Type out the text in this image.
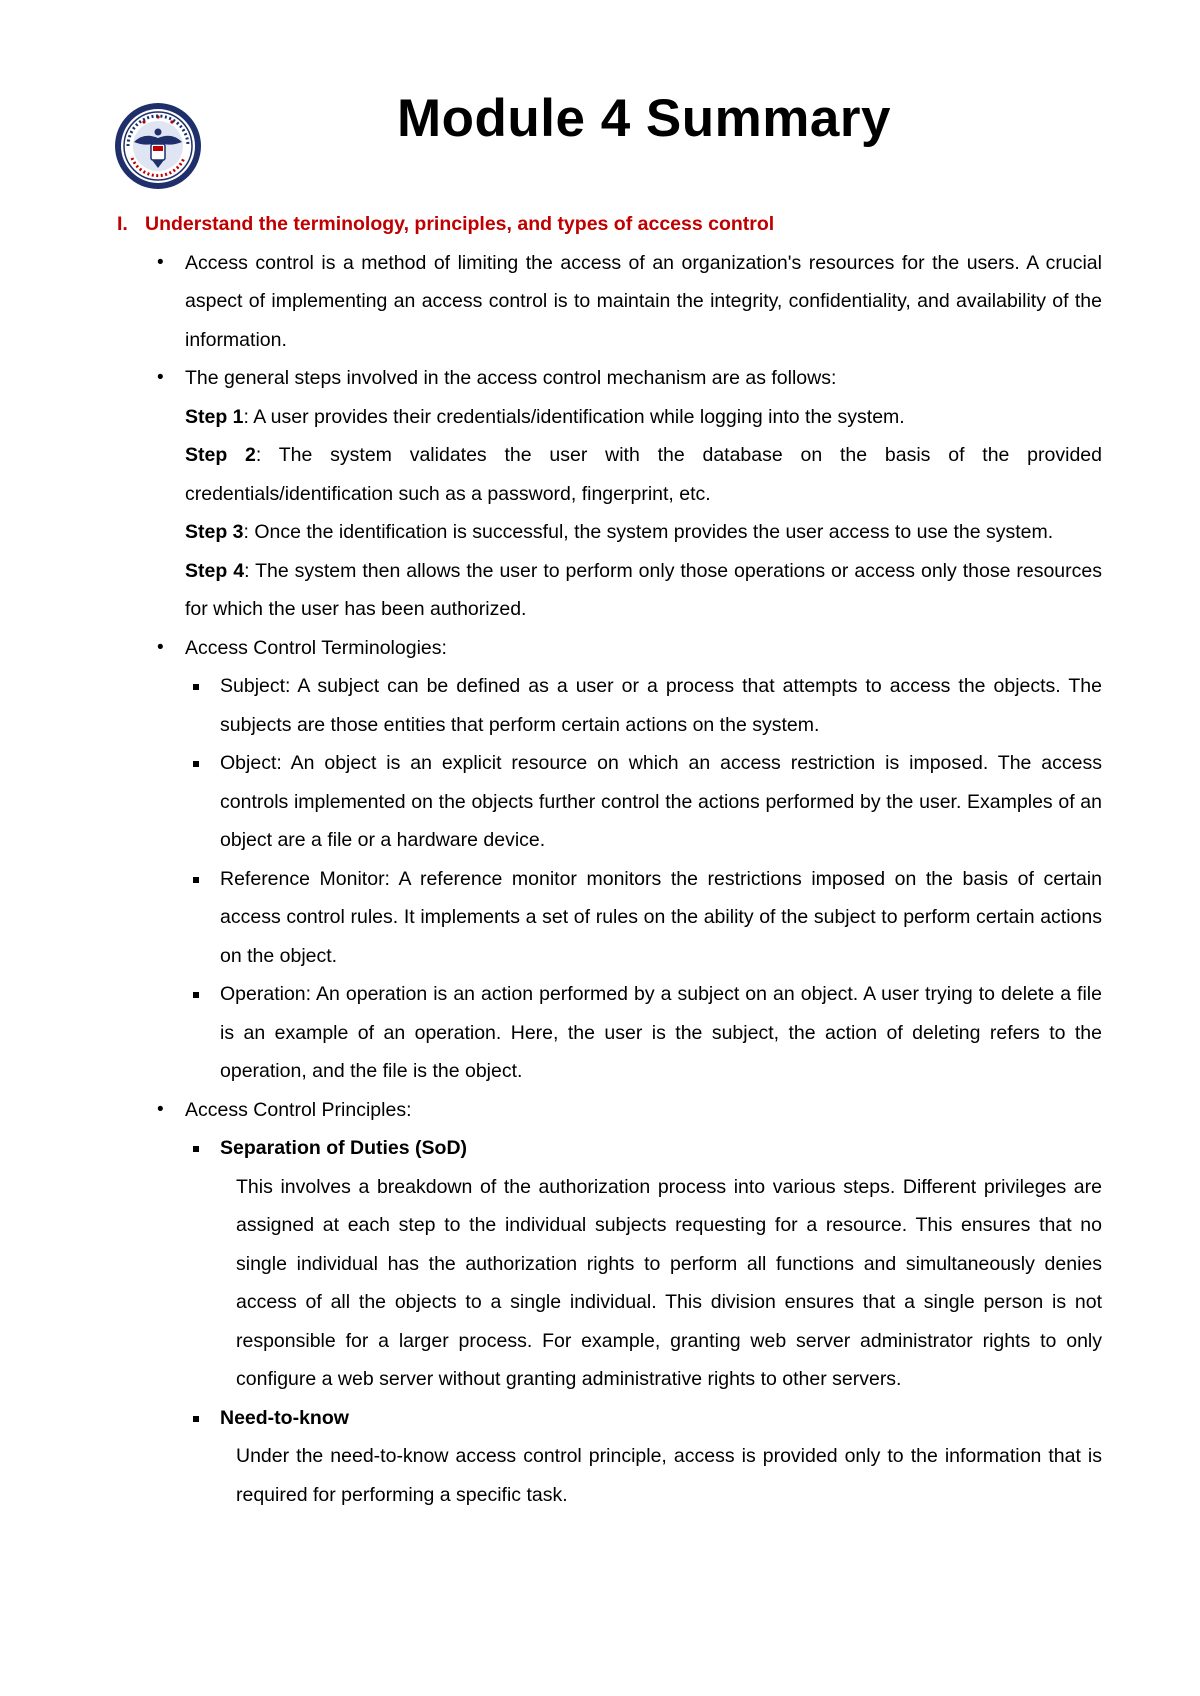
Module 4 Summary
I. Understand the terminology, principles, and types of access control

• Access control is a method of limiting the access of an organization's resources for the users. A crucial aspect of implementing an access control is to maintain the integrity, confidentiality, and availability of the information.

• The general steps involved in the access control mechanism are as follows:

Step 1: A user provides their credentials/identification while logging into the system.

Step 2: The system validates the user with the database on the basis of the provided credentials/identification such as a password, fingerprint, etc.

Step 3: Once the identification is successful, the system provides the user access to use the system.

Step 4: The system then allows the user to perform only those operations or access only those resources for which the user has been authorized.

• Access Control Terminologies:

Subject: A subject can be defined as a user or a process that attempts to access the objects. The subjects are those entities that perform certain actions on the system.

Object: An object is an explicit resource on which an access restriction is imposed. The access controls implemented on the objects further control the actions performed by the user. Examples of an object are a file or a hardware device.

Reference Monitor: A reference monitor monitors the restrictions imposed on the basis of certain access control rules. It implements a set of rules on the ability of the subject to perform certain actions on the object.

Operation: An operation is an action performed by a subject on an object. A user trying to delete a file is an example of an operation. Here, the user is the subject, the action of deleting refers to the operation, and the file is the object.

• Access Control Principles:

Separation of Duties (SoD)

This involves a breakdown of the authorization process into various steps. Different privileges are assigned at each step to the individual subjects requesting for a resource. This ensures that no single individual has the authorization rights to perform all functions and simultaneously denies access of all the objects to a single individual. This division ensures that a single person is not responsible for a larger process. For example, granting web server administrator rights to only configure a web server without granting administrative rights to other servers.

Need-to-know

Under the need-to-know access control principle, access is provided only to the information that is required for performing a specific task.
